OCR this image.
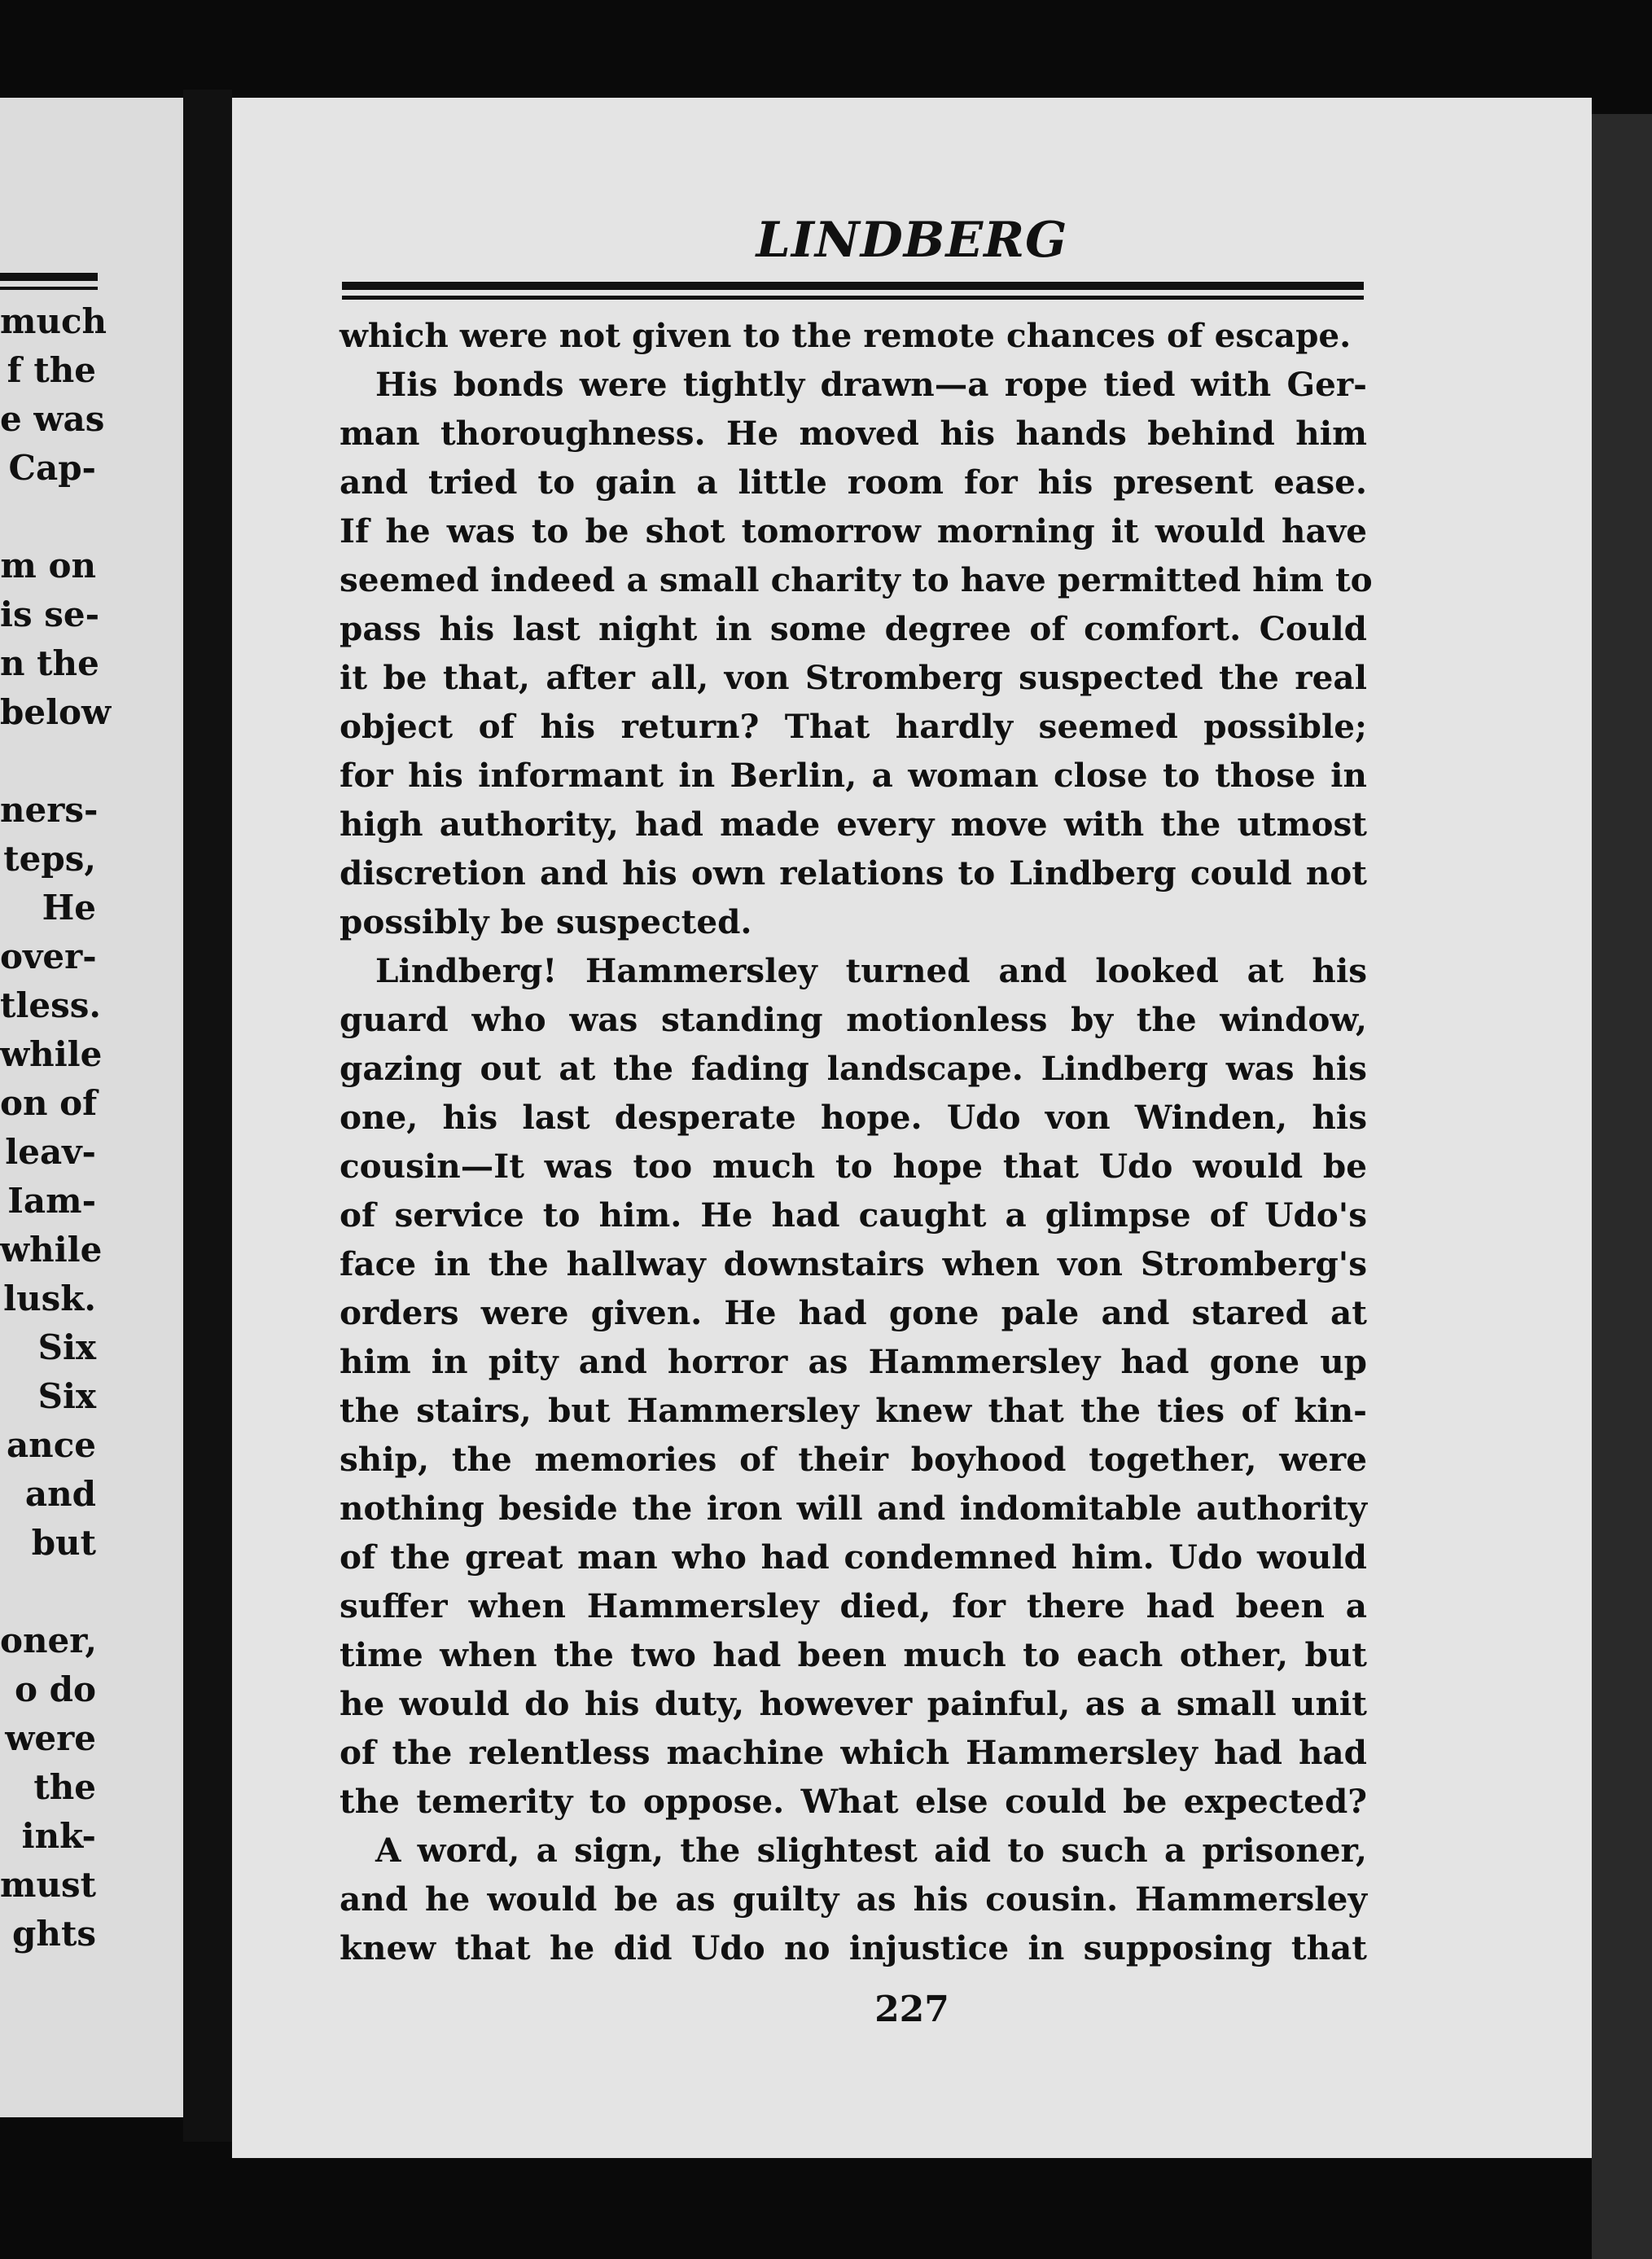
much
f the
e was
Cap-
m on
is se-
n the
below
ners-
teps,
He
over-
tless.
while
on of
leav-
Iam-
while
lusk.
Six
Six
ance
and
but
oner,
o do
were
the
ink-
must
ghts
LINDBERG
which were not given to the remote chances of escape.
His bonds were tightly drawn—a rope tied with Ger-
man thoroughness. He moved his hands behind him
and tried to gain a little room for his present ease.
If he was to be shot tomorrow morning it would have
seemed indeed a small charity to have permitted him to
pass his last night in some degree of comfort. Could
it be that, after all, von Stromberg suspected the real
object of his return? That hardly seemed possible;
for his informant in Berlin, a woman close to those in
high authority, had made every move with the utmost
discretion and his own relations to Lindberg could not
possibly be suspected.
Lindberg! Hammersley turned and looked at his
guard who was standing motionless by the window,
gazing out at the fading landscape. Lindberg was his
one, his last desperate hope. Udo von Winden, his
cousin—It was too much to hope that Udo would be
of service to him. He had caught a glimpse of Udo's
face in the hallway downstairs when von Stromberg's
orders were given. He had gone pale and stared at
him in pity and horror as Hammersley had gone up
the stairs, but Hammersley knew that the ties of kin-
ship, the memories of their boyhood together, were
nothing beside the iron will and indomitable authority
of the great man who had condemned him. Udo would
suffer when Hammersley died, for there had been a
time when the two had been much to each other, but
he would do his duty, however painful, as a small unit
of the relentless machine which Hammersley had had
the temerity to oppose. What else could be expected?
A word, a sign, the slightest aid to such a prisoner,
and he would be as guilty as his cousin. Hammersley
knew that he did Udo no injustice in supposing that
227
